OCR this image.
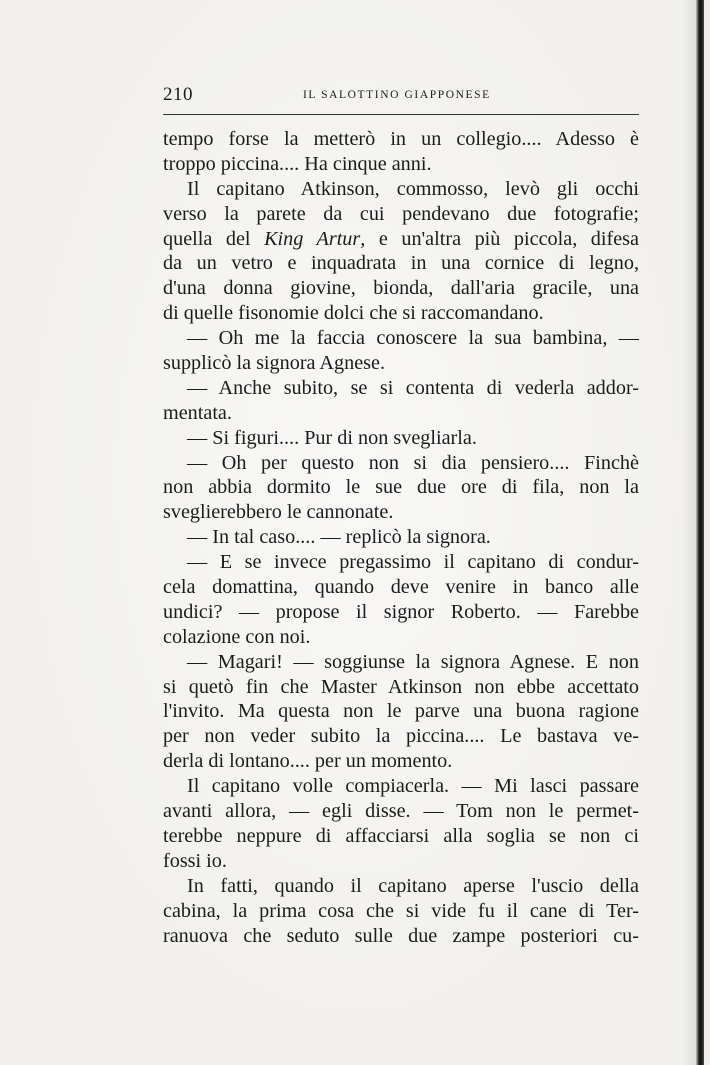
210	IL SALOTTINO GIAPPONESE
tempo forse la metterò in un collegio.... Adesso è
troppo piccina.... Ha cinque anni.
Il capitano Atkinson, commosso, levò gli occhi
verso la parete da cui pendevano due fotografie;
quella del King Artur, e un'altra più piccola, difesa
da un vetro e inquadrata in una cornice di legno,
d'una donna giovine, bionda, dall'aria gracile, una
di quelle fisonomie dolci che si raccomandano.
— Oh me la faccia conoscere la sua bambina, —
supplicò la signora Agnese.
— Anche subito, se si contenta di vederla addor-
mentata.
— Si figuri.... Pur di non svegliarla.
— Oh per questo non si dia pensiero.... Finchè
non abbia dormito le sue due ore di fila, non la
sveglierebbero le cannonate.
— In tal caso.... — replicò la signora.
— E se invece pregassimo il capitano di condur-
cela domattina, quando deve venire in banco alle
undici? — propose il signor Roberto. — Farebbe
colazione con noi.
— Magari! — soggiunse la signora Agnese. E non
si quetò fin che Master Atkinson non ebbe accettato
l'invito. Ma questa non le parve una buona ragione
per non veder subito la piccina.... Le bastava ve-
derla di lontano.... per un momento.
Il capitano volle compiacerla. — Mi lasci passare
avanti allora, — egli disse. — Tom non le permet-
terebbe neppure di affacciarsi alla soglia se non ci
fossi io.
In fatti, quando il capitano aperse l'uscio della
cabina, la prima cosa che si vide fu il cane di Ter-
ranuova che seduto sulle due zampe posteriori cu-
